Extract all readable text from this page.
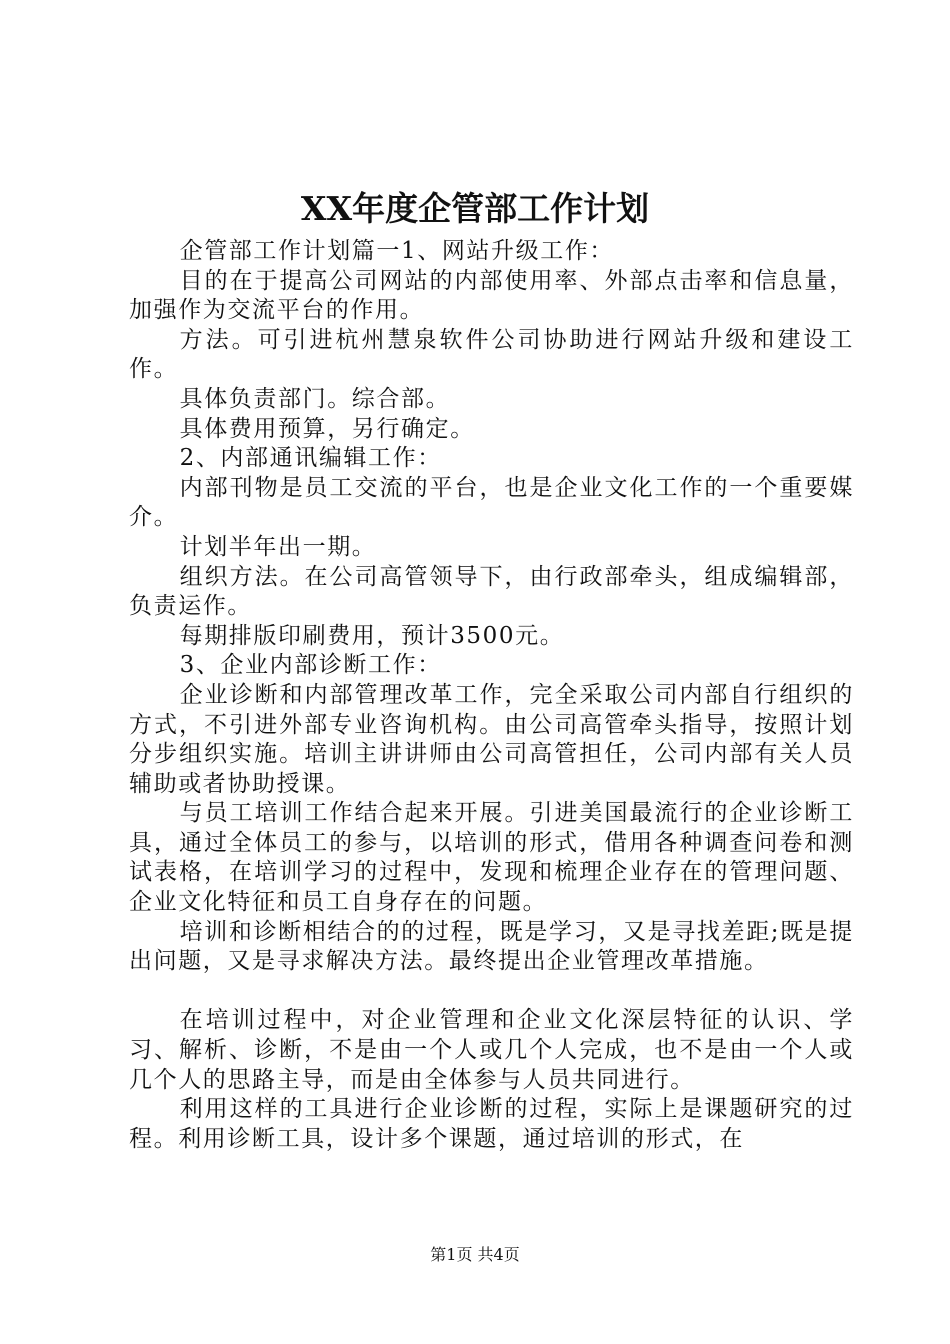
XX年度企管部工作计划

企管部工作计划篇一1、网站升级工作：

目的在于提高公司网站的内部使用率、外部点击率和信息量，加强作为交流平台的作用。

方法。可引进杭州慧泉软件公司协助进行网站升级和建设工作。

具体负责部门。综合部。

具体费用预算，另行确定。

2、内部通讯编辑工作：

内部刊物是员工交流的平台，也是企业文化工作的一个重要媒介。

计划半年出一期。

组织方法。在公司高管领导下，由行政部牵头，组成编辑部，负责运作。

每期排版印刷费用，预计3500元。

3、企业内部诊断工作：

企业诊断和内部管理改革工作，完全采取公司内部自行组织的方式，不引进外部专业咨询机构。由公司高管牵头指导，按照计划分步组织实施。培训主讲讲师由公司高管担任，公司内部有关人员辅助或者协助授课。

与员工培训工作结合起来开展。引进美国最流行的企业诊断工具，通过全体员工的参与，以培训的形式，借用各种调查问卷和测试表格，在培训学习的过程中，发现和梳理企业存在的管理问题、企业文化特征和员工自身存在的问题。

培训和诊断相结合的的过程，既是学习，又是寻找差距;既是提出问题，又是寻求解决方法。最终提出企业管理改革措施。

在培训过程中，对企业管理和企业文化深层特征的认识、学习、解析、诊断，不是由一个人或几个人完成，也不是由一个人或几个人的思路主导，而是由全体参与人员共同进行。

利用这样的工具进行企业诊断的过程，实际上是课题研究的过程。利用诊断工具，设计多个课题，通过培训的形式，在

第1页 共4页
